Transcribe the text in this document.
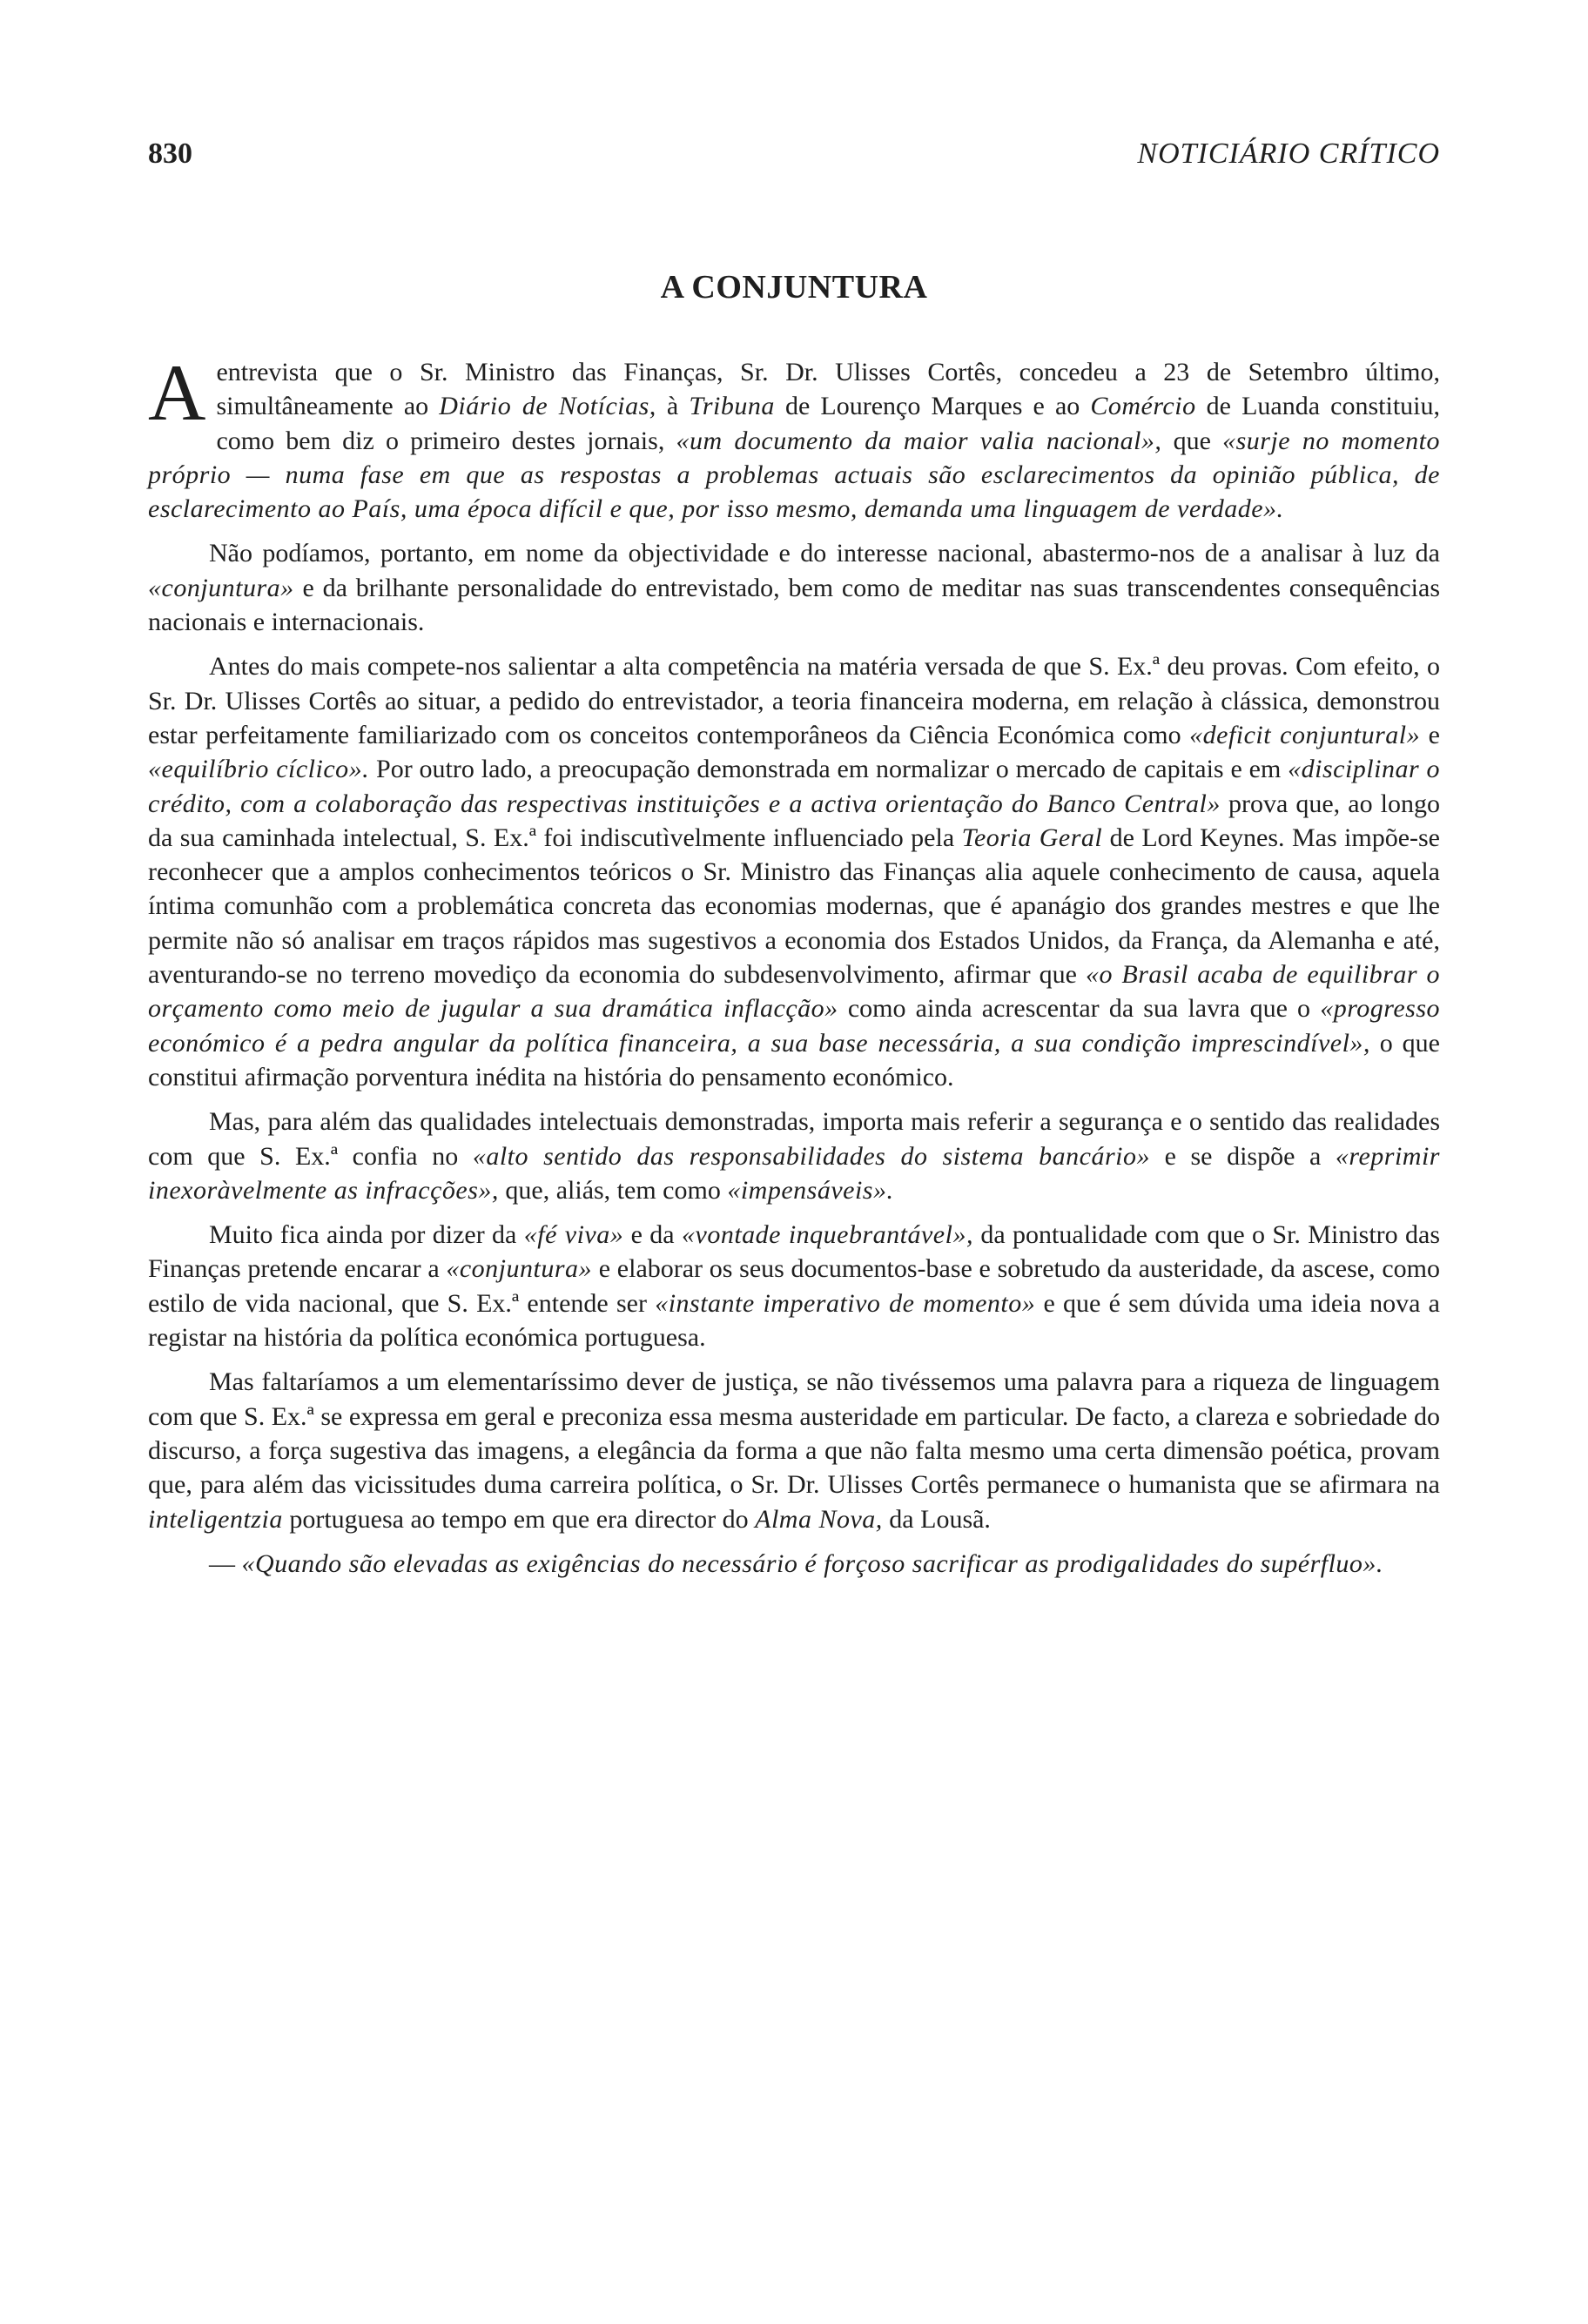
830	NOTICIÁRIO CRÍTICO
A CONJUNTURA

Aentrevista que o Sr. Ministro das Finanças, Sr. Dr. Ulisses Cortês, concedeu a 23 de Setembro último, simultâneamente ao Diário de Notícias, à Tribuna de Lourenço Marques e ao Comércio de Luanda constituiu, como bem diz o primeiro destes jornais, «um documento da maior valia nacional», que «surje no momento próprio — numa fase em que as respostas a problemas actuais são esclarecimentos da opinião pública, de esclarecimento ao País, uma época difícil e que, por isso mesmo, demanda uma linguagem de verdade».

Não podíamos, portanto, em nome da objectividade e do interesse nacional, abastermo-nos de a analisar à luz da «conjuntura» e da brilhante personalidade do entrevistado, bem como de meditar nas suas transcendentes consequências nacionais e internacionais.

Antes do mais compete-nos salientar a alta competência na matéria versada de que S. Ex.ª deu provas. Com efeito, o Sr. Dr. Ulisses Cortês ao situar, a pedido do entrevistador, a teoria financeira moderna, em relação à clássica, demonstrou estar perfeitamente familiarizado com os conceitos contemporâneos da Ciência Económica como «deficit conjuntural» e «equilíbrio cíclico». Por outro lado, a preocupação demonstrada em normalizar o mercado de capitais e em «disciplinar o crédito, com a colaboração das respectivas instituições e a activa orientação do Banco Central» prova que, ao longo da sua caminhada intelectual, S. Ex.ª foi indiscutìvelmente influenciado pela Teoria Geral de Lord Keynes. Mas impõe-se reconhecer que a amplos conhecimentos teóricos o Sr. Ministro das Finanças alia aquele conhecimento de causa, aquela íntima comunhão com a problemática concreta das economias modernas, que é apanágio dos grandes mestres e que lhe permite não só analisar em traços rápidos mas sugestivos a economia dos Estados Unidos, da França, da Alemanha e até, aventurando-se no terreno movediço da economia do subdesenvolvimento, afirmar que «o Brasil acaba de equilibrar o orçamento como meio de jugular a sua dramática inflacção» como ainda acrescentar da sua lavra que o «progresso económico é a pedra angular da política financeira, a sua base necessária, a sua condição imprescindível», o que constitui afirmação porventura inédita na história do pensamento económico.

Mas, para além das qualidades intelectuais demonstradas, importa mais referir a segurança e o sentido das realidades com que S. Ex.ª confia no «alto sentido das responsabilidades do sistema bancário» e se dispõe a «reprimir inexoràvelmente as infracções», que, aliás, tem como «impensáveis».

Muito fica ainda por dizer da «fé viva» e da «vontade inquebrantável», da pontualidade com que o Sr. Ministro das Finanças pretende encarar a «conjuntura» e elaborar os seus documentos-base e sobretudo da austeridade, da ascese, como estilo de vida nacional, que S. Ex.ª entende ser «instante imperativo de momento» e que é sem dúvida uma ideia nova a registar na história da política económica portuguesa.

Mas faltaríamos a um elementaríssimo dever de justiça, se não tivéssemos uma palavra para a riqueza de linguagem com que S. Ex.ª se expressa em geral e preconiza essa mesma austeridade em particular. De facto, a clareza e sobriedade do discurso, a força sugestiva das imagens, a elegância da forma a que não falta mesmo uma certa dimensão poética, provam que, para além das vicissitudes duma carreira política, o Sr. Dr. Ulisses Cortês permanece o humanista que se afirmara na inteligentzia portuguesa ao tempo em que era director do Alma Nova, da Lousã.

— «Quando são elevadas as exigências do necessário é forçoso sacrificar as prodigalidades do supérfluo».
